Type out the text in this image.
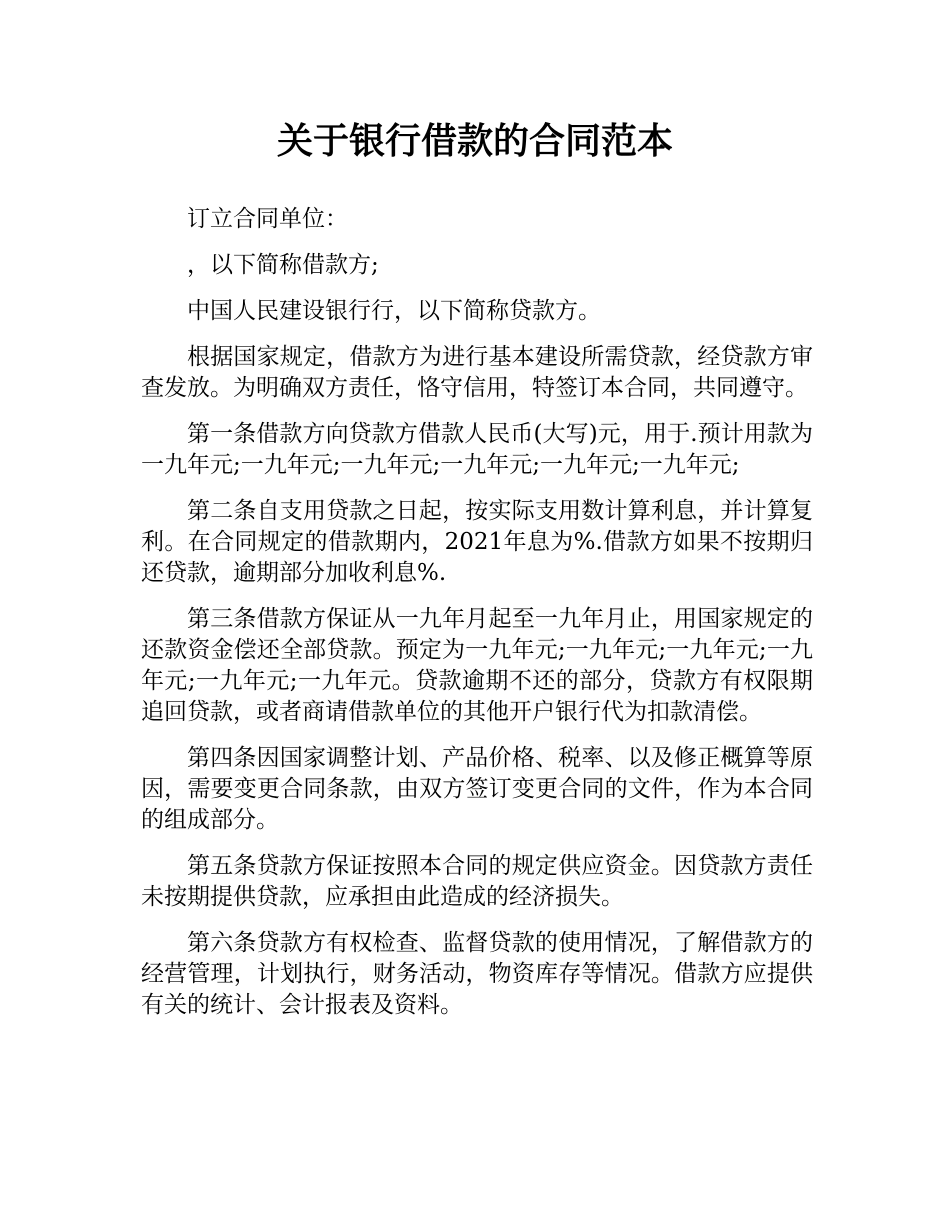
关于银行借款的合同范本

订立合同单位：

，以下简称借款方;

中国人民建设银行行，以下简称贷款方。

根据国家规定，借款方为进行基本建设所需贷款，经贷款方审查发放。为明确双方责任，恪守信用，特签订本合同，共同遵守。

第一条借款方向贷款方借款人民币(大写)元，用于.预计用款为一九年元;一九年元;一九年元;一九年元;一九年元;一九年元;

第二条自支用贷款之日起，按实际支用数计算利息，并计算复利。在合同规定的借款期内，2021年息为%.借款方如果不按期归还贷款，逾期部分加收利息%.

第三条借款方保证从一九年月起至一九年月止，用国家规定的还款资金偿还全部贷款。预定为一九年元;一九年元;一九年元;一九年元;一九年元;一九年元。贷款逾期不还的部分，贷款方有权限期追回贷款，或者商请借款单位的其他开户银行代为扣款清偿。

第四条因国家调整计划、产品价格、税率、以及修正概算等原因，需要变更合同条款，由双方签订变更合同的文件，作为本合同的组成部分。

第五条贷款方保证按照本合同的规定供应资金。因贷款方责任未按期提供贷款，应承担由此造成的经济损失。

第六条贷款方有权检查、监督贷款的使用情况，了解借款方的经营管理，计划执行，财务活动，物资库存等情况。借款方应提供有关的统计、会计报表及资料。
